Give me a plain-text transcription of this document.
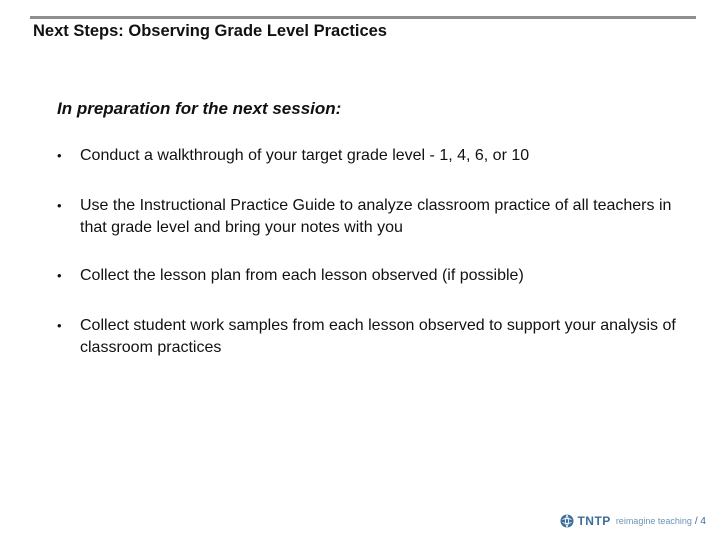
Next Steps: Observing Grade Level Practices
In preparation for the next session:
• Conduct a walkthrough of your target grade level - 1, 4, 6, or 10
• Use the Instructional Practice Guide to analyze classroom practice of all teachers in that grade level and bring your notes with you
• Collect the lesson plan from each lesson observed (if possible)
• Collect student work samples from each lesson observed to support your analysis of classroom practices
TNTP reimagine teaching / 4
